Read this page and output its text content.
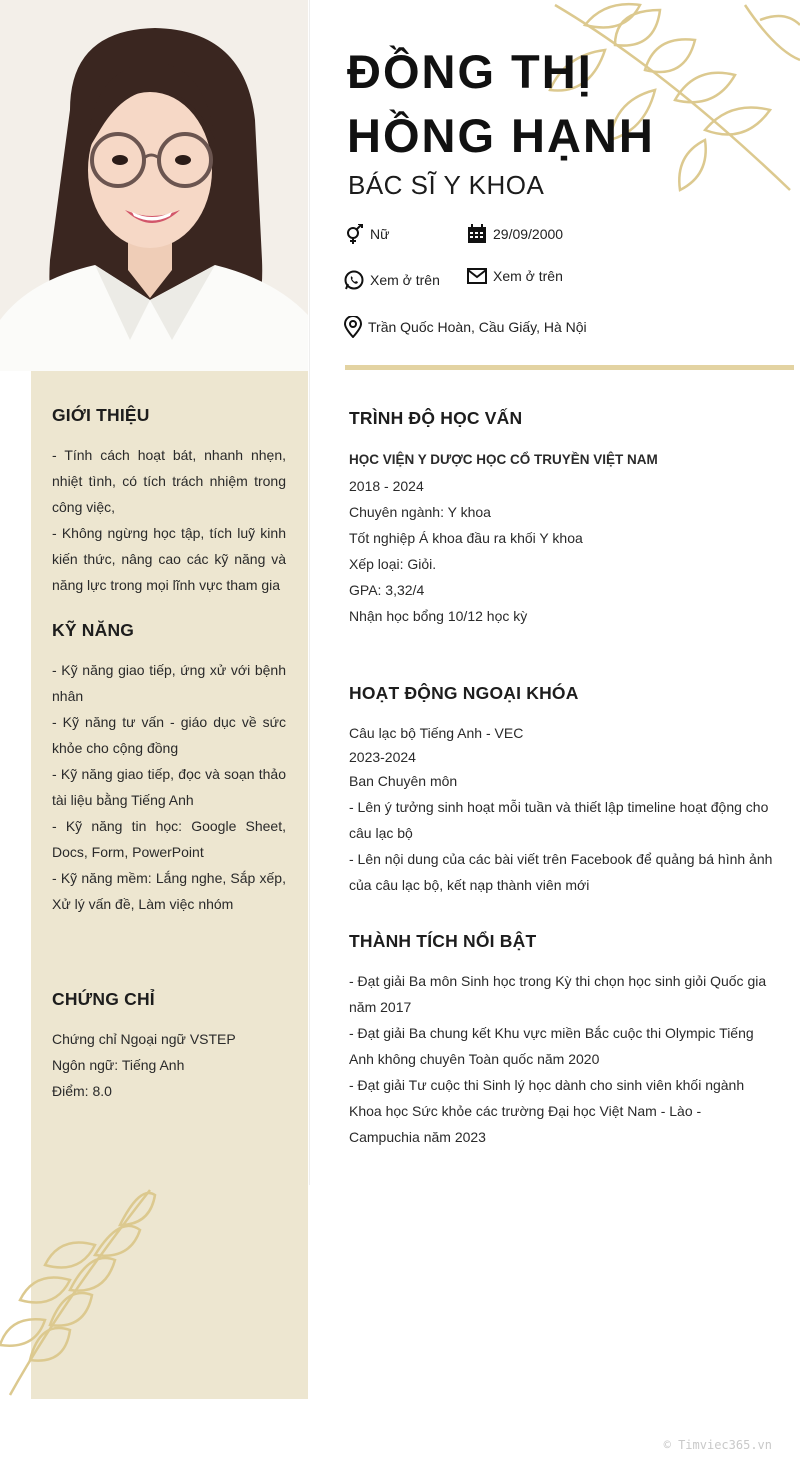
ĐỒNG THỊ
HỒNG HẠNH
BÁC SĨ Y KHOA
Nữ	29/09/2000
Xem ở trên	Xem ở trên
Trần Quốc Hoàn, Cầu Giấy, Hà Nội
GIỚI THIỆU

- Tính cách hoạt bát, nhanh nhẹn, nhiệt tình, có tích trách nhiệm trong công việc,

- Không ngừng học tập, tích luỹ kinh kiến thức, nâng cao các kỹ năng và năng lực trong mọi lĩnh vực tham gia

KỸ NĂNG

- Kỹ năng giao tiếp, ứng xử với bệnh nhân

- Kỹ năng tư vấn - giáo dục về sức khỏe cho cộng đồng

- Kỹ năng giao tiếp, đọc và soạn thảo tài liệu bằng Tiếng Anh

- Kỹ năng tin học: Google Sheet, Docs, Form, PowerPoint

- Kỹ năng mềm: Lắng nghe, Sắp xếp, Xử lý vấn đề, Làm việc nhóm

CHỨNG CHỈ

Chứng chỉ Ngoại ngữ VSTEP

Ngôn ngữ: Tiếng Anh

Điểm: 8.0

TRÌNH ĐỘ HỌC VẤN

HỌC VIỆN Y DƯỢC HỌC CỔ TRUYỀN VIỆT NAM

2018 - 2024

Chuyên ngành: Y khoa

Tốt nghiệp Á khoa đầu ra khối Y khoa

Xếp loại: Giỏi.

GPA: 3,32/4

Nhận học bổng 10/12 học kỳ

HOẠT ĐỘNG NGOẠI KHÓA

Câu lạc bộ Tiếng Anh - VEC

2023-2024

Ban Chuyên môn

- Lên ý tưởng sinh hoạt mỗi tuần và thiết lập timeline hoạt động cho câu lạc bộ

- Lên nội dung của các bài viết trên Facebook để quảng bá hình ảnh của câu lạc bộ, kết nạp thành viên mới

THÀNH TÍCH NỔI BẬT

- Đạt giải Ba môn Sinh học trong Kỳ thi chọn học sinh giỏi Quốc gia năm 2017

- Đạt giải Ba chung kết Khu vực miền Bắc cuộc thi Olympic Tiếng Anh không chuyên Toàn quốc năm 2020

- Đạt giải Tư cuộc thi Sinh lý học dành cho sinh viên khối ngành Khoa học Sức khỏe các trường Đại học Việt Nam - Lào - Campuchia năm 2023

© Timviec365.vn
